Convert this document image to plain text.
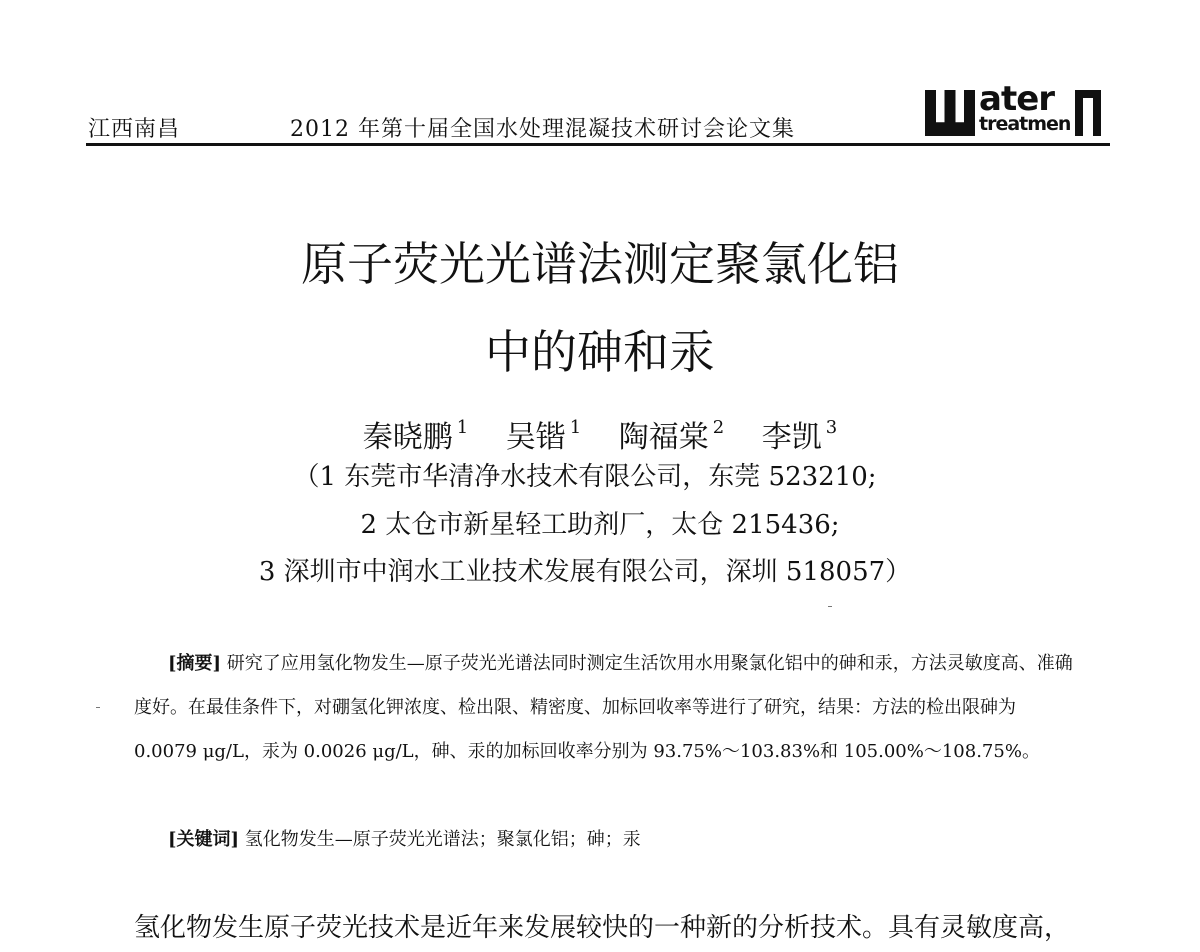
江西南昌	2012 年第十届全国水处理混凝技术研讨会论文集
ater
treatmen
原子荧光光谱法测定聚氯化铝
中的砷和汞
秦晓鹏 $^1$ 吴锴 $^1$ 陶福棠 $^2$ 李凯 $^3$
（1 东莞市华清净水技术有限公司，东莞 523210;
2 太仓市新星轻工助剂厂，太仓 215436;
3 深圳市中润水工业技术发展有限公司，深圳 518057）

[摘要] 研究了应用氢化物发生—原子荧光光谱法同时测定生活饮用水用聚氯化铝中的砷和汞，方法灵敏度高、准确度好。在最佳条件下，对硼氢化钾浓度、检出限、精密度、加标回收率等进行了研究，结果：方法的检出限砷为 0.0079 μg/L，汞为 0.0026 μg/L，砷、汞的加标回收率分别为 93.75%～103.83%和 105.00%～108.75%。

[关键词] 氢化物发生—原子荧光光谱法；聚氯化铝；砷；汞
氢化物发生原子荧光技术是近年来发展较快的一种新的分析技术。具有灵敏度高，
